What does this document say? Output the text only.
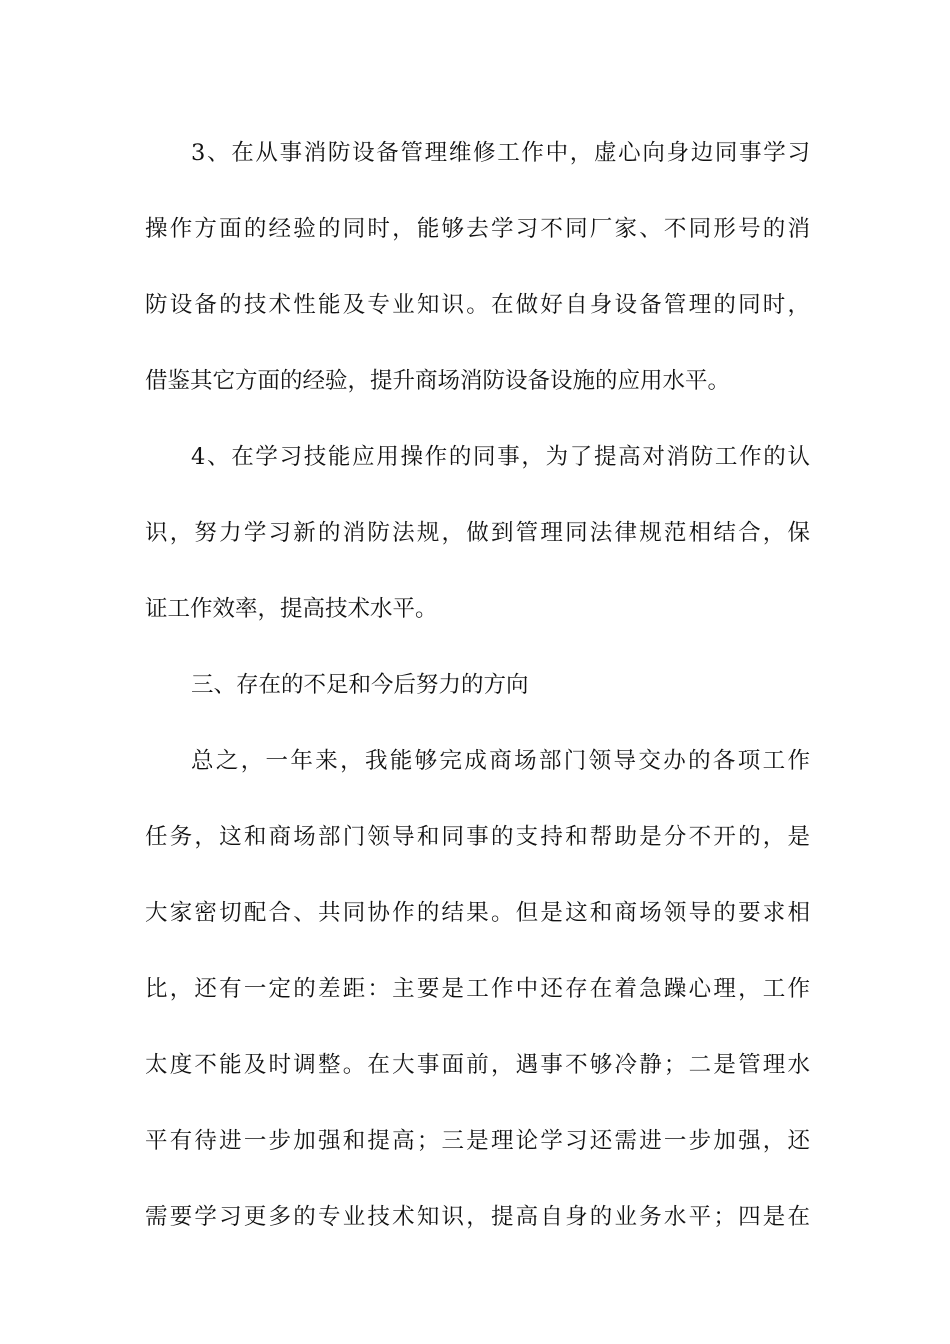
3、在从事消防设备管理维修工作中，虚心向身边同事学习

操作方面的经验的同时，能够去学习不同厂家、不同形号的消

防设备的技术性能及专业知识。在做好自身设备管理的同时，

借鉴其它方面的经验，提升商场消防设备设施的应用水平。

4、在学习技能应用操作的同事，为了提高对消防工作的认

识，努力学习新的消防法规，做到管理同法律规范相结合，保

证工作效率，提高技术水平。

三、存在的不足和今后努力的方向

总之，一年来，我能够完成商场部门领导交办的各项工作

任务，这和商场部门领导和同事的支持和帮助是分不开的，是

大家密切配合、共同协作的结果。但是这和商场领导的要求相

比，还有一定的差距：主要是工作中还存在着急躁心理，工作

太度不能及时调整。在大事面前，遇事不够冷静；二是管理水

平有待进一步加强和提高；三是理论学习还需进一步加强，还

需要学习更多的专业技术知识，提高自身的业务水平；四是在
